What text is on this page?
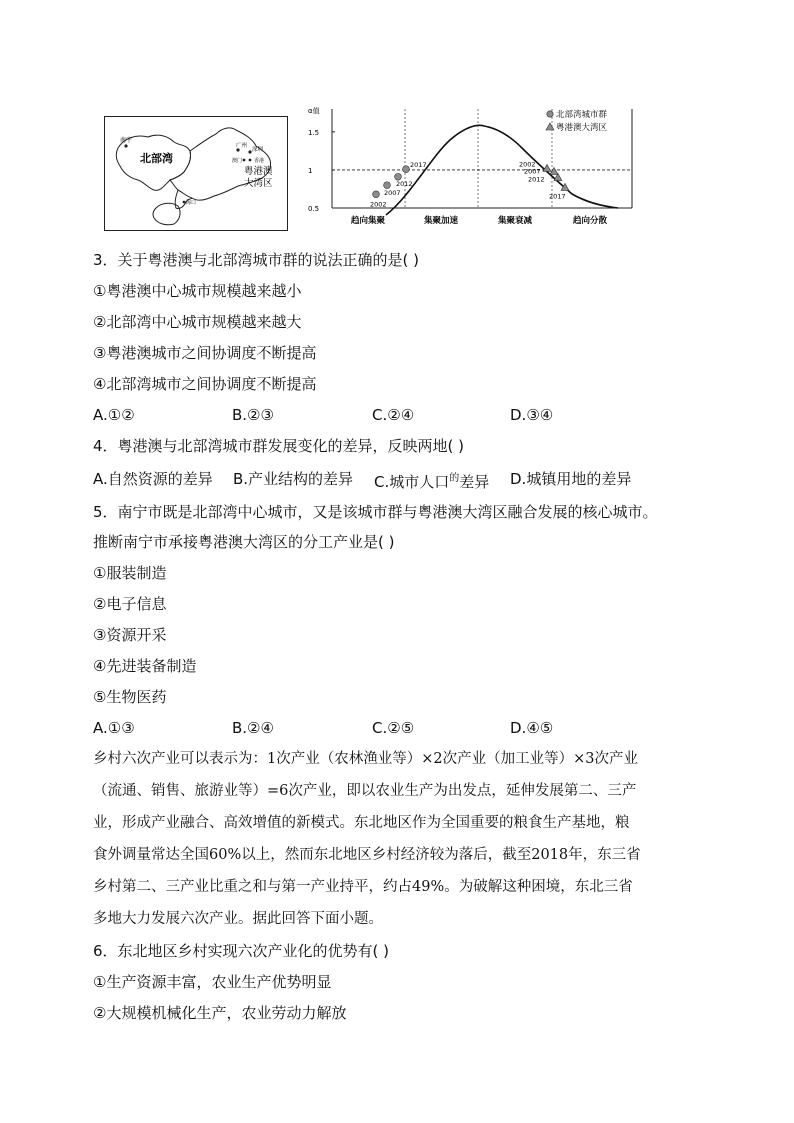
南宁
北部湾
广州
深圳
澳门 香港
粤港澳
大湾区
海口
α值
1.5
1
0.5
趋向集聚	集聚加速	集聚衰减	趋向分散
2002
2007
2012
2017	2002
2007
2012
2017
北部湾城市群
粤港澳大湾区
3．关于粤港澳与北部湾城市群的说法正确的是( )
①粤港澳中心城市规模越来越小
②北部湾中心城市规模越来越大
③粤港澳城市之间协调度不断提高
④北部湾城市之间协调度不断提高
A.①②	B.②③	C.②④	D.③④
4．粤港澳与北部湾城市群发展变化的差异，反映两地( )
A.自然资源的差异 B.产业结构的差异 C.城市人口$^的$差异 D.城镇用地的差异
5．南宁市既是北部湾中心城市，又是该城市群与粤港澳大湾区融合发展的核心城市。
推断南宁市承接粤港澳大湾区的分工产业是( )
①服装制造
②电子信息
③资源开采
④先进装备制造
⑤生物医药
A.①③	B.②④	C.②⑤	D.④⑤
乡村六次产业可以表示为：1次产业（农林渔业等）×2次产业（加工业等）×3次产业
（流通、销售、旅游业等）=6次产业，即以农业生产为出发点，延伸发展第二、三产
业，形成产业融合、高效增值的新模式。东北地区作为全国重要的粮食生产基地，粮
食外调量常达全国60%以上，然而东北地区乡村经济较为落后，截至2018年，东三省
乡村第二、三产业比重之和与第一产业持平，约占49%。为破解这种困境，东北三省
多地大力发展六次产业。据此回答下面小题。
6．东北地区乡村实现六次产业化的优势有( )
①生产资源丰富，农业生产优势明显
②大规模机械化生产，农业劳动力解放
